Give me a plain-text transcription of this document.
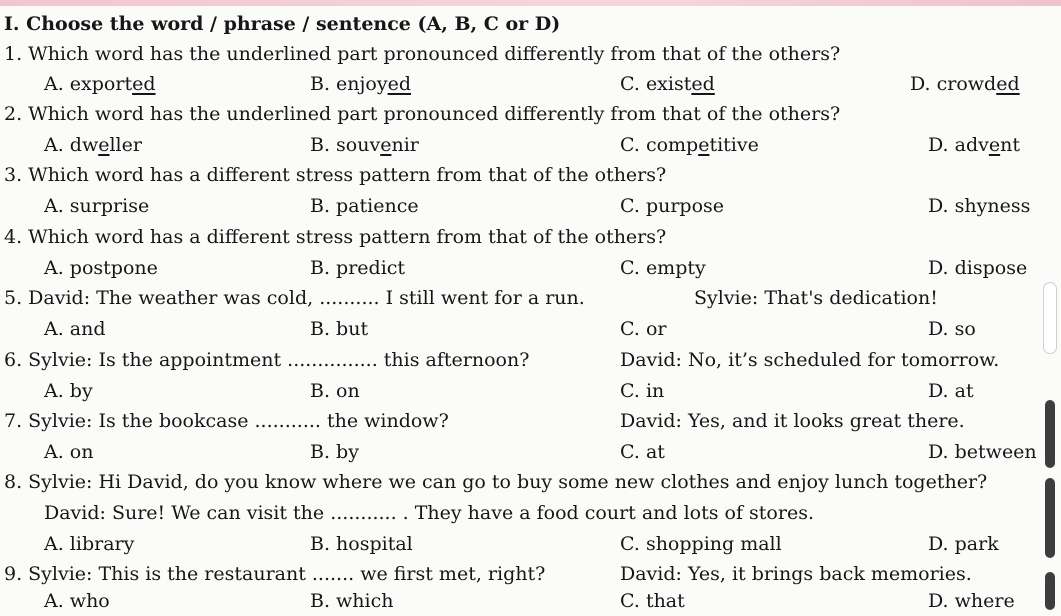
I. Choose the word / phrase / sentence (A, B, C or D)
1. Which word has the underlined part pronounced differently from that of the others?
A. exported	B. enjoyed	C. existed	D. crowded
2. Which word has the underlined part pronounced differently from that of the others?
A. dweller	B. souvenir	C. competitive	D. advent
3. Which word has a different stress pattern from that of the others?
A. surprise	B. patience	C. purpose	D. shyness
4. Which word has a different stress pattern from that of the others?
A. postpone	B. predict	C. empty	D. dispose
5. David: The weather was cold, .......... I still went for a run.	Sylvie: That's dedication!
A. and	B. but	C. or	D. so
6. Sylvie: Is the appointment ............... this afternoon?	David: No, it’s scheduled for tomorrow.
A. by	B. on	C. in	D. at
7. Sylvie: Is the bookcase ........... the window?	David: Yes, and it looks great there.
A. on	B. by	C. at	D. between
8. Sylvie: Hi David, do you know where we can go to buy some new clothes and enjoy lunch together?
David: Sure! We can visit the ........... . They have a food court and lots of stores.
A. library	B. hospital	C. shopping mall	D. park
9. Sylvie: This is the restaurant ....... we first met, right?	David: Yes, it brings back memories.
A. who	B. which	C. that	D. where
